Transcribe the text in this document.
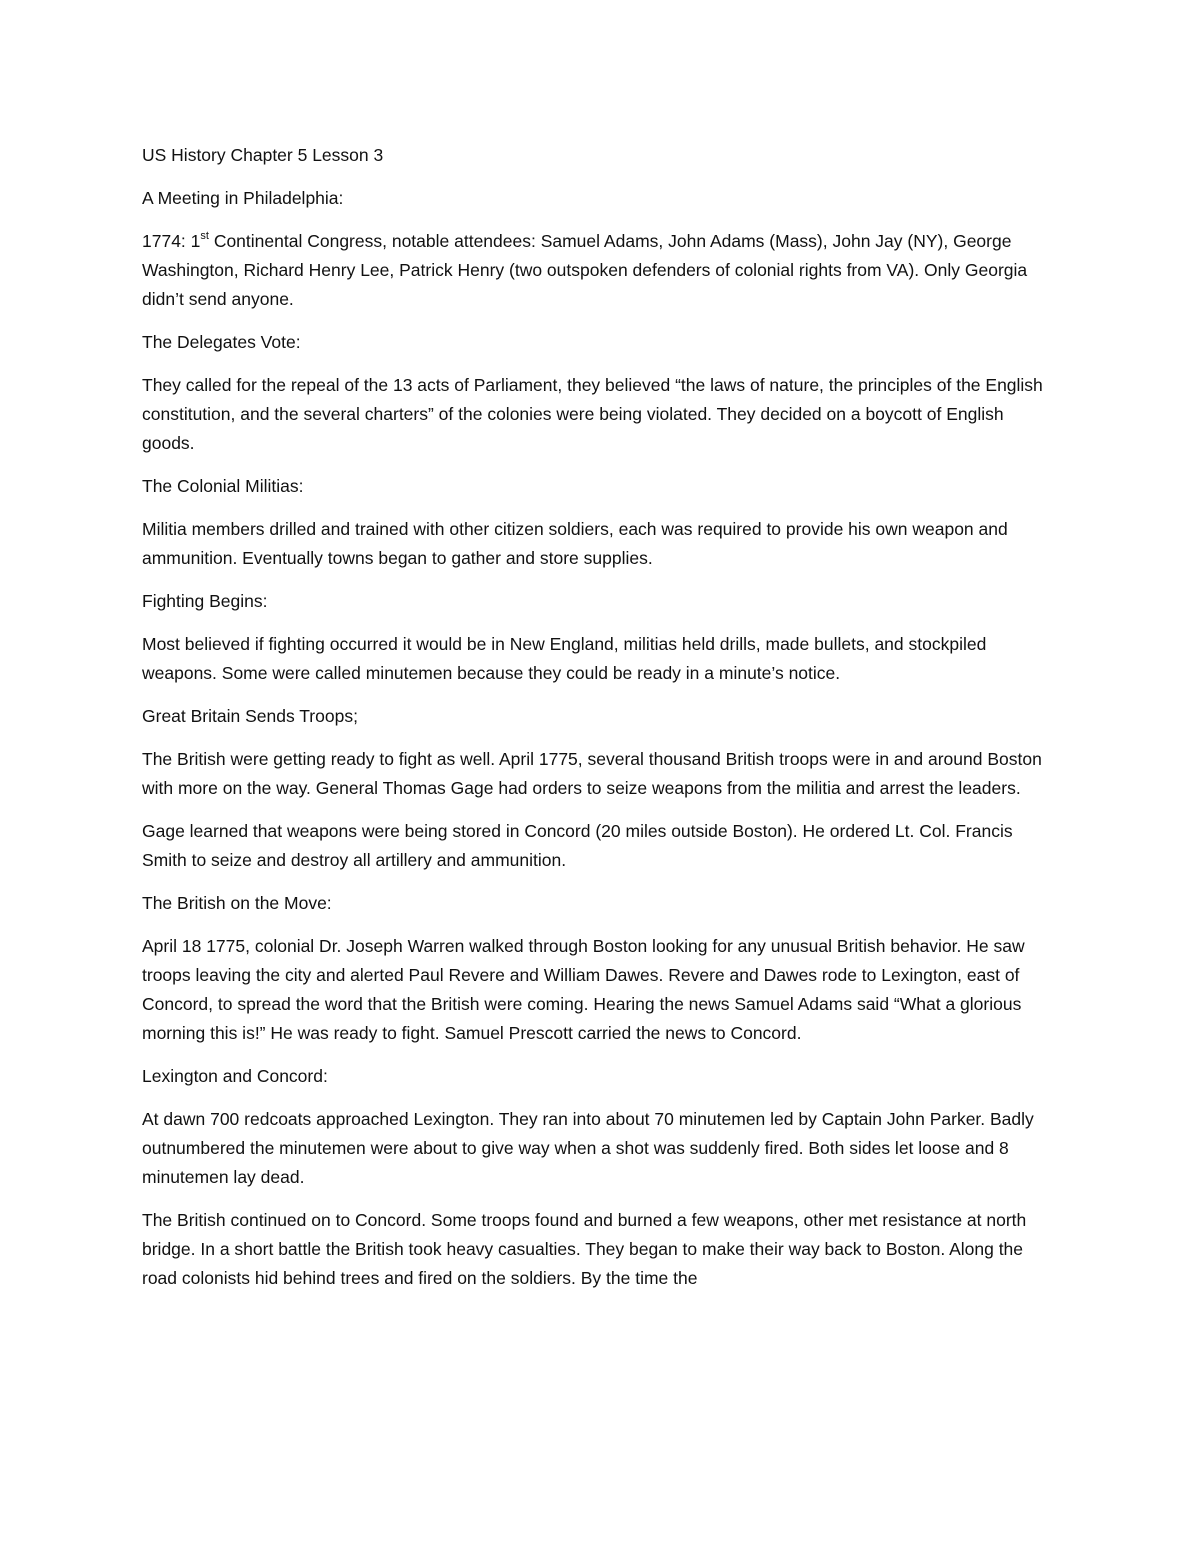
US History Chapter 5 Lesson 3

A Meeting in Philadelphia:

1774: 1st Continental Congress, notable attendees: Samuel Adams, John Adams (Mass), John Jay (NY), George Washington, Richard Henry Lee, Patrick Henry (two outspoken defenders of colonial rights from VA). Only Georgia didn’t send anyone.

The Delegates Vote:

They called for the repeal of the 13 acts of Parliament, they believed “the laws of nature, the principles of the English constitution, and the several charters” of the colonies were being violated. They decided on a boycott of English goods.

The Colonial Militias:

Militia members drilled and trained with other citizen soldiers, each was required to provide his own weapon and ammunition. Eventually towns began to gather and store supplies.

Fighting Begins:

Most believed if fighting occurred it would be in New England, militias held drills, made bullets, and stockpiled weapons. Some were called minutemen because they could be ready in a minute’s notice.

Great Britain Sends Troops;

The British were getting ready to fight as well. April 1775, several thousand British troops were in and around Boston with more on the way. General Thomas Gage had orders to seize weapons from the militia and arrest the leaders.

Gage learned that weapons were being stored in Concord (20 miles outside Boston). He ordered Lt. Col. Francis Smith to seize and destroy all artillery and ammunition.

The British on the Move:

April 18 1775, colonial Dr. Joseph Warren walked through Boston looking for any unusual British behavior. He saw troops leaving the city and alerted Paul Revere and William Dawes. Revere and Dawes rode to Lexington, east of Concord, to spread the word that the British were coming. Hearing the news Samuel Adams said “What a glorious morning this is!” He was ready to fight. Samuel Prescott carried the news to Concord.

Lexington and Concord:

At dawn 700 redcoats approached Lexington. They ran into about 70 minutemen led by Captain John Parker. Badly outnumbered the minutemen were about to give way when a shot was suddenly fired. Both sides let loose and 8 minutemen lay dead.

The British continued on to Concord. Some troops found and burned a few weapons, other met resistance at north bridge. In a short battle the British took heavy casualties. They began to make their way back to Boston. Along the road colonists hid behind trees and fired on the soldiers. By the time the
